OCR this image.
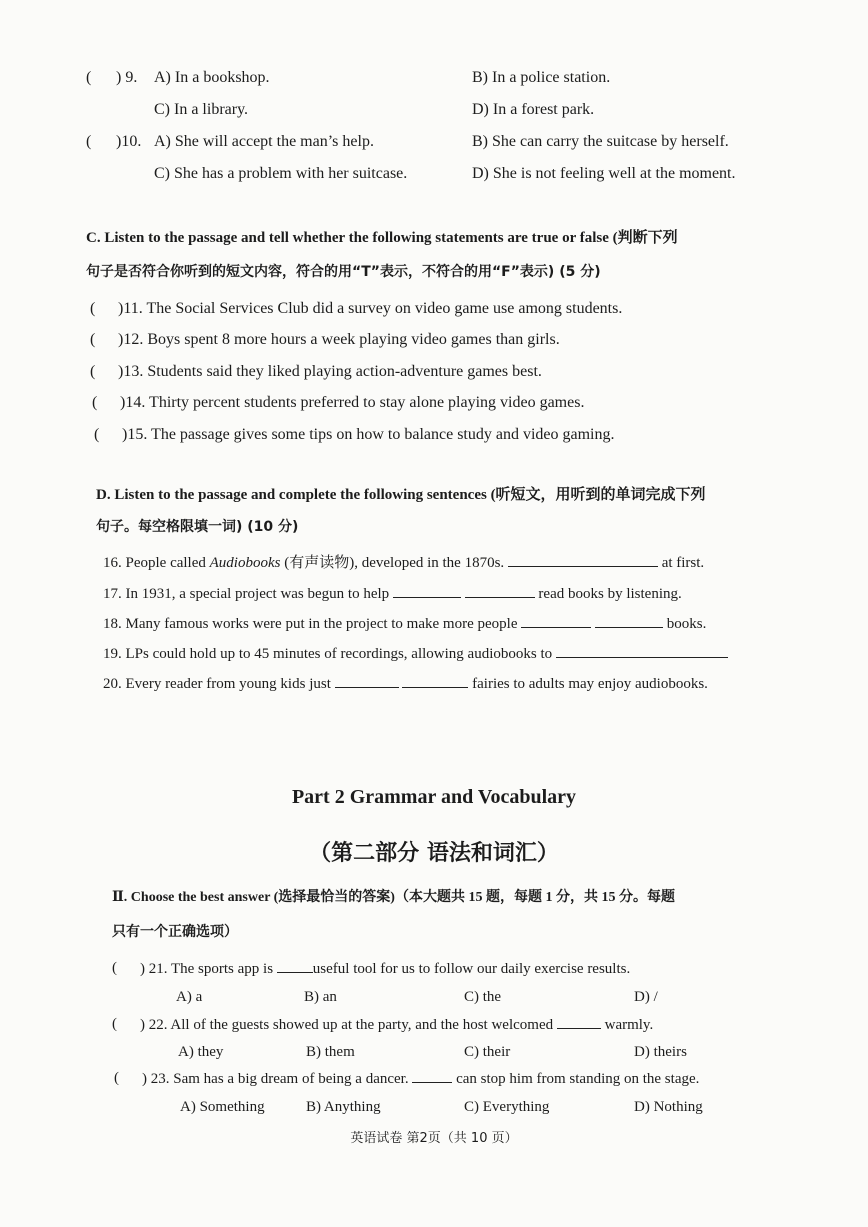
( ) 9. A) In a bookshop.	B) In a police station.
C) In a library.	D) In a forest park.
( )10. A) She will accept the man’s help.	B) She can carry the suitcase by herself.
C) She has a problem with her suitcase.	D) She is not feeling well at the moment.
C. Listen to the passage and tell whether the following statements are true or false (判断下列
句子是否符合你听到的短文内容，符合的用“T”表示，不符合的用“F”表示) (5 分)
( )11. The Social Services Club did a survey on video game use among students.
( )12. Boys spent 8 more hours a week playing video games than girls.
( )13. Students said they liked playing action-adventure games best.
( )14. Thirty percent students preferred to stay alone playing video games.
( )15. The passage gives some tips on how to balance study and video gaming.
D. Listen to the passage and complete the following sentences (听短文，用听到的单词完成下列
句子。每空格限填一词) (10 分)
16. People called Audiobooks (有声读物), developed in the 1870s.	at first.
17. In 1931, a special project was begun to help	read books by listening.
18. Many famous works were put in the project to make more people	books.
19. LPs could hold up to 45 minutes of recordings, allowing audiobooks to
20. Every reader from young kids just	fairies to adults may enjoy audiobooks.
Part 2 Grammar and Vocabulary
（第二部分 语法和词汇）
Ⅱ. Choose the best answer (选择最恰当的答案)（本大题共 15 题，每题 1 分，共 15 分。每题
只有一个正确选项）
( ) 21. The sports app is useful tool for us to follow our daily exercise results.
A) a	B) an	C) the	D) /
( ) 22. All of the guests showed up at the party, and the host welcomed	warmly.
A) they	B) them	C) their	D) theirs
( ) 23. Sam has a big dream of being a dancer.	can stop him from standing on the stage.
A) Something	B) Anything	C) Everything	D) Nothing
英语试卷 第2页（共 10 页）
